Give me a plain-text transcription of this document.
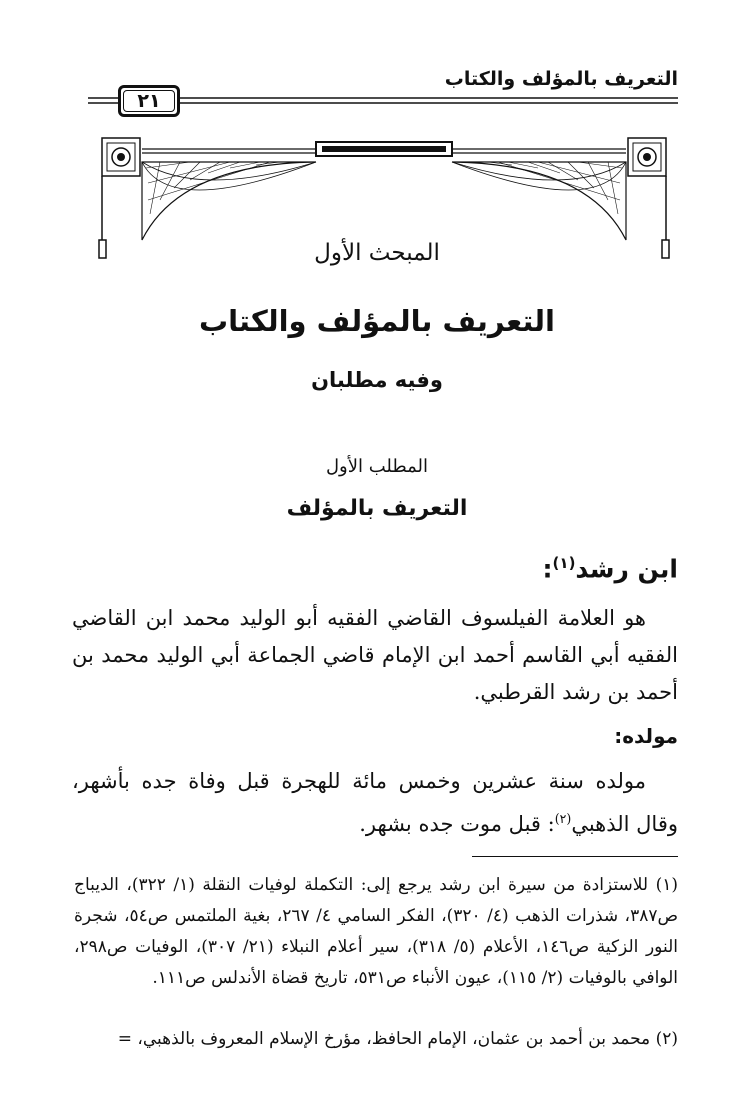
التعريف بالمؤلف والكتاب
٢١
المبحث الأول
التعريف بالمؤلف والكتاب
وفيه مطلبان
المطلب الأول
التعريف بالمؤلف
ابن رشد$^{(١)}$:
هو العلامة الفيلسوف القاضي الفقيه أبو الوليد محمد ابن القاضي الفقيه أبي القاسم أحمد ابن الإمام قاضي الجماعة أبي الوليد محمد بن أحمد بن رشد القرطبي.
مولده:
مولده سنة عشرين وخمس مائة للهجرة قبل وفاة جده بأشهر، وقال الذهبي$^{(٢)}$: قبل موت جده بشهر.
(١) للاستزادة من سيرة ابن رشد يرجع إلى: التكملة لوفيات النقلة (١/ ٣٢٢)، الديباج ص٣٨٧، شذرات الذهب (٤/ ٣٢٠)، الفكر السامي ٤/ ٢٦٧، بغية الملتمس ص٥٤، شجرة النور الزكية ص١٤٦، الأعلام (٥/ ٣١٨)، سير أعلام النبلاء (٢١/ ٣٠٧)، الوفيات ص٢٩٨، الوافي بالوفيات (٢/ ١١٥)، عيون الأنباء ص٥٣١، تاريخ قضاة الأندلس ص١١١.
(٢) محمد بن أحمد بن عثمان، الإمام الحافظ، مؤرخ الإسلام المعروف بالذهبي، =
